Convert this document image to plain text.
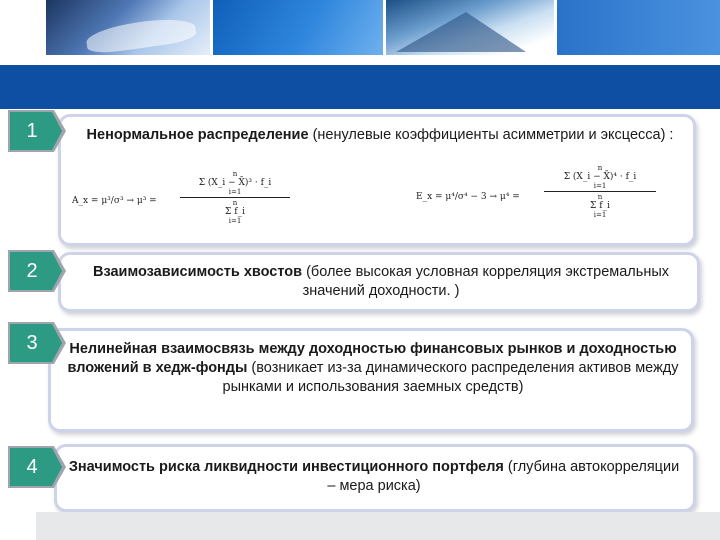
1
2
3
4
Ненормальное распределение (ненулевые коэффициенты асимметрии и эксцесса) :
Взаимозависимость хвостов (более высокая условная корреляция экстремальных значений доходности. )
Нелинейная взаимосвязь между доходностью финансовых рынков и доходностью вложений в хедж-фонды (возникает из-за динамического распределения активов между рынками и использования заемных средств)
Значимость риска ликвидности инвестиционного портфеля (глубина автокорреляции – мера риска)
A_x = μ³/σ³ → μ³ =
n
Σ (X_i − X̄)³ · f_i
i=1
n
Σ f_i
i=1
E_x = μ⁴/σ⁴ − 3 → μ⁴ =
n
Σ (X_i − X̄)⁴ · f_i
i=1
n
Σ f_i
i=1
